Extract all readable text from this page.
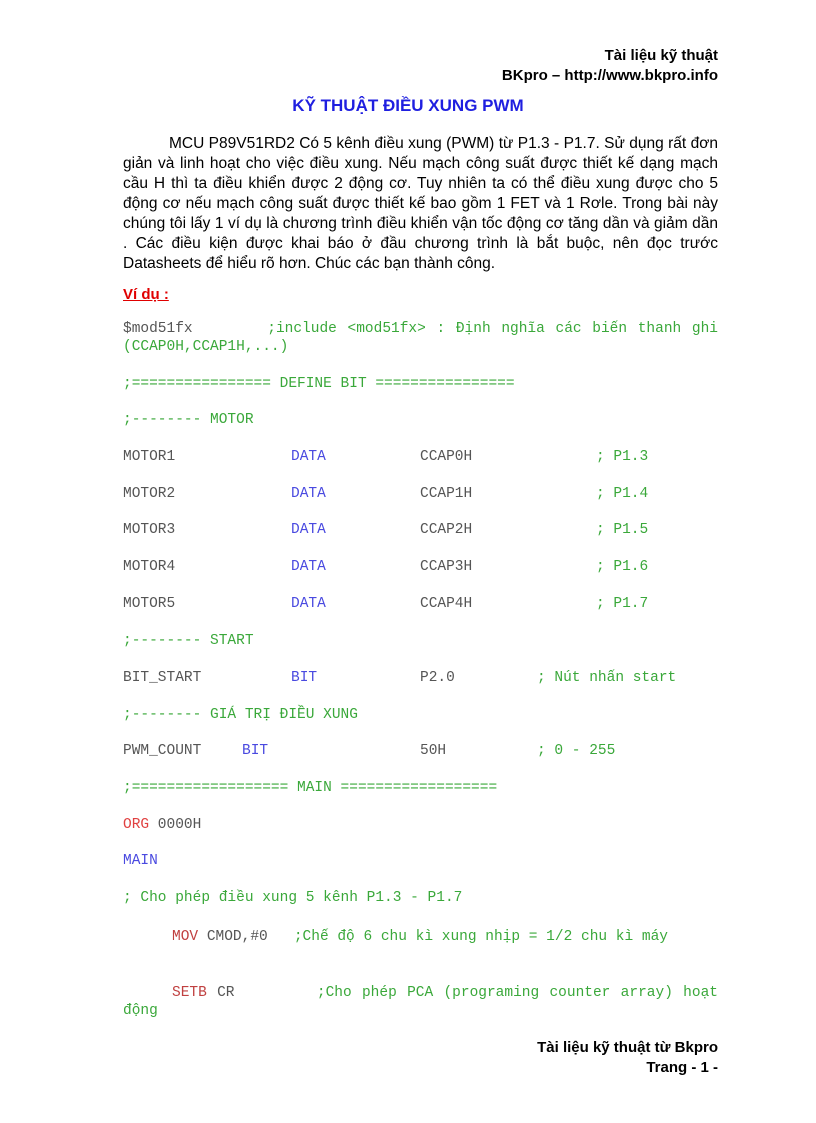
Tài liệu kỹ thuật
BKpro – http://www.bkpro.info
KỸ THUẬT ĐIỀU XUNG PWM

MCU P89V51RD2 Có 5 kênh điều xung (PWM) từ P1.3 - P1.7. Sử dụng rất đơn giản và linh hoạt cho việc điều xung. Nếu mạch công suất được thiết kế dạng mạch cầu H thì ta điều khiển được 2 động cơ. Tuy nhiên ta có thể điều xung được cho 5 động cơ nếu mạch công suất được thiết kế bao gồm 1 FET và 1 Rơle. Trong bài này chúng tôi lấy 1 ví dụ là chương trình điều khiển vận tốc động cơ tăng dần và giảm dần . Các điều kiện được khai báo ở đầu chương trình là bắt buộc, nên đọc trước Datasheets để hiểu rõ hơn. Chúc các bạn thành công.

Ví dụ :
$mod51fx	;include <mod51fx> : Định nghĩa các biến thanh ghi (CCAP0H,CCAP1H,...)
;================ DEFINE BIT ================
;-------- MOTOR
MOTOR1	DATA	CCAP0H	; P1.3
MOTOR2	DATA	CCAP1H	; P1.4
MOTOR3	DATA	CCAP2H	; P1.5
MOTOR4	DATA	CCAP3H	; P1.6
MOTOR5	DATA	CCAP4H	; P1.7
;-------- START
BIT_START	BIT	P2.0	; Nút nhấn start
;-------- GIÁ TRỊ ĐIỀU XUNG
PWM_COUNT	BIT	50H	; 0 - 255
;================== MAIN ==================
ORG 0000H
MAIN
; Cho phép điều xung 5 kênh P1.3 - P1.7
MOV CMOD,#0 ;Chế độ 6 chu kì xung nhịp = 1/2 chu kì máy
SETB CR	;Cho phép PCA (programing counter array) hoạt động
Tài liệu kỹ thuật từ Bkpro
Trang - 1 -
